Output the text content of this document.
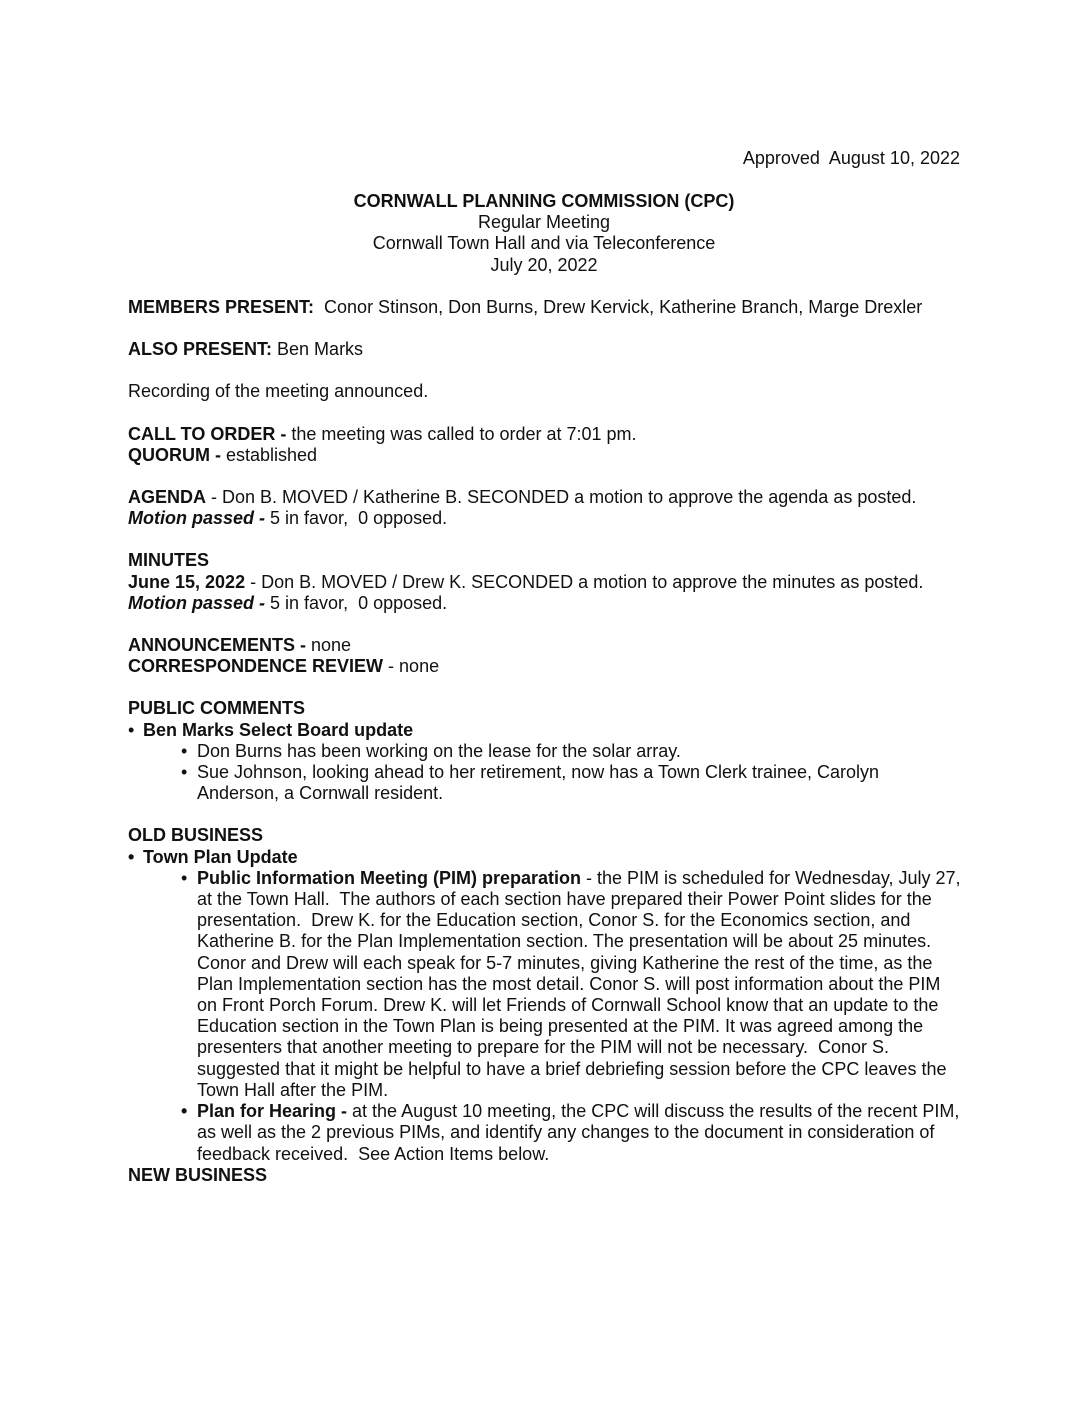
Approved  August 10, 2022
CORNWALL PLANNING COMMISSION (CPC)
Regular Meeting
Cornwall Town Hall and via Teleconference
July 20, 2022

MEMBERS PRESENT:  Conor Stinson, Don Burns, Drew Kervick, Katherine Branch, Marge Drexler

ALSO PRESENT: Ben Marks

Recording of the meeting announced.

CALL TO ORDER - the meeting was called to order at 7:01 pm.

QUORUM - established

AGENDA - Don B. MOVED / Katherine B. SECONDED a motion to approve the agenda as posted. Motion passed - 5 in favor,  0 opposed.

MINUTES

June 15, 2022 - Don B. MOVED / Drew K. SECONDED a motion to approve the minutes as posted. Motion passed - 5 in favor,  0 opposed.

ANNOUNCEMENTS - none

CORRESPONDENCE REVIEW - none

PUBLIC COMMENTS

• Ben Marks Select Board update

• Don Burns has been working on the lease for the solar array.

• Sue Johnson, looking ahead to her retirement, now has a Town Clerk trainee, Carolyn Anderson, a Cornwall resident.

OLD BUSINESS

• Town Plan Update

• Public Information Meeting (PIM) preparation - the PIM is scheduled for Wednesday, July 27, at the Town Hall.  The authors of each section have prepared their Power Point slides for the presentation.  Drew K. for the Education section, Conor S. for the Economics section, and Katherine B. for the Plan Implementation section. The presentation will be about 25 minutes.  Conor and Drew will each speak for 5-7 minutes, giving Katherine the rest of the time, as the Plan Implementation section has the most detail. Conor S. will post information about the PIM on Front Porch Forum. Drew K. will let Friends of Cornwall School know that an update to the Education section in the Town Plan is being presented at the PIM. It was agreed among the presenters that another meeting to prepare for the PIM will not be necessary.  Conor S. suggested that it might be helpful to have a brief debriefing session before the CPC leaves the Town Hall after the PIM.

• Plan for Hearing - at the August 10 meeting, the CPC will discuss the results of the recent PIM, as well as the 2 previous PIMs, and identify any changes to the document in consideration of feedback received.  See Action Items below.

NEW BUSINESS
